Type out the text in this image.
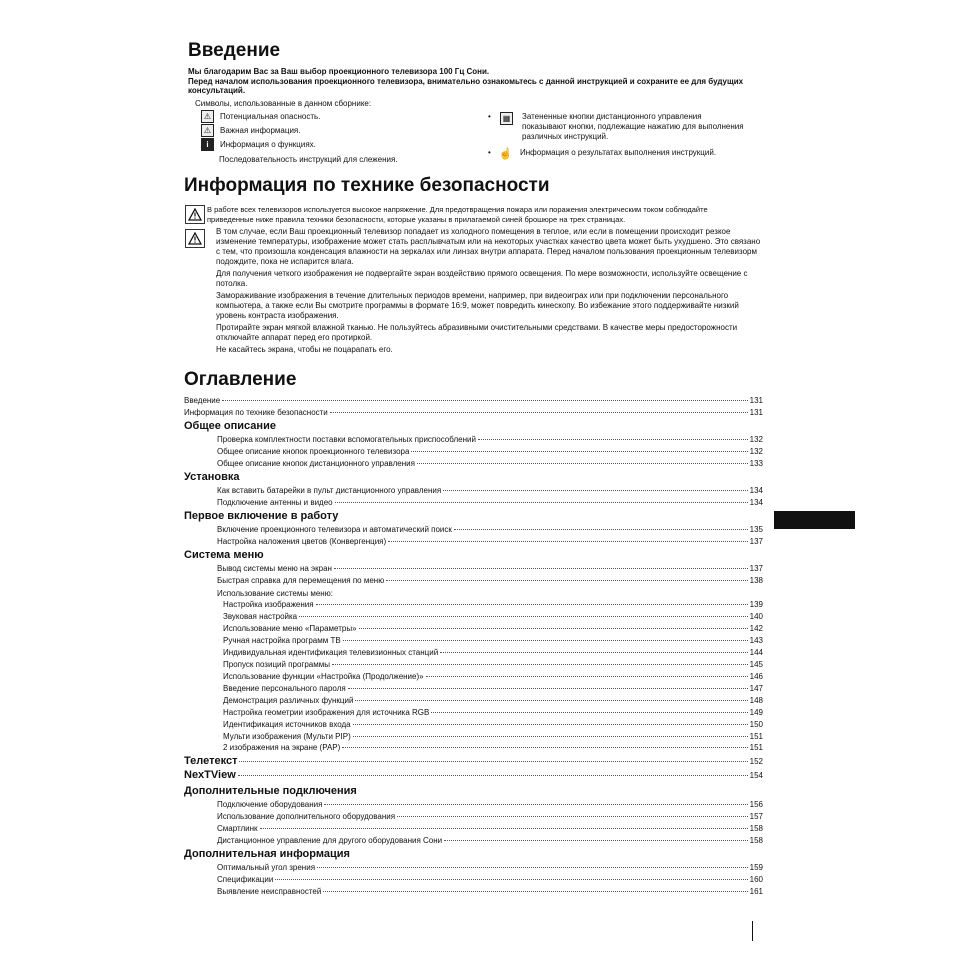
Введение
Мы благодарим Вас за Ваш выбор проекционного телевизора 100 Гц Сони.
Перед началом использования проекционного телевизора, внимательно ознакомьтесь с данной инструкцией и сохраните ее для будущих консультаций.
Символы, использованные в данном сборнике:
⚠	Потенциальная опасность.
⚠	Важная информация.
i	Информация о функциях.
Последовательность инструкций для слежения.
•	▦	Затененные кнопки дистанционного управления показывают кнопки, подлежащие нажатию для выполнения различных инструкций.
• ☝ Информация о результатах выполнения инструкций.
Информация по технике безопасности
В работе всех телевизоров используется высокое напряжение. Для предотвращения пожара или поражения электрическим током соблюдайте приведенные ниже правила техники безопасности, которые указаны в прилагаемой синей брошюре на трех страницах.
В том случае, если Ваш проекционный телевизор попадает из холодного помещения в теплое, или если в помещении происходит резкое изменение температуры, изображение может стать расплывчатым или на некоторых участках качество цвета может быть ухудшено. Это связано с тем, что произошла конденсация влажности на зеркалах или линзах внутри аппарата. Перед началом пользования проекционным телевизорм подождите, пока не испарится влага.
Для получения четкого изображения не подвергайте экран воздействию прямого освещения. По мере возможности, используйте освещение с потолка.
Замораживание изображения в течение длительных периодов времени, например, при видеоиграх или при подключении персонального компьютера, а также если Вы смотрите программы в формате 16:9, может повредить кинескопу. Во избежание этого поддерживайте низкий уровень контраста изображения.
Протирайте экран мягкой влажной тканью. Не пользуйтесь абразивными очистительными средствами. В качестве меры предосторожности отключайте аппарат перед его протиркой.
Не касайтесь экрана, чтобы не поцарапать его.
Оглавление
Введение	131
Информация по технике безопасности	131
Общее описание
Проверка комплектности поставки вспомогательных приспособлений	132
Общее описание кнопок проекционного телевизора	132
Общее описание кнопок дистанционного управления	133
Установка
Как вставить батарейки в пульт дистанционного управления	134
Подключение антенны и видео	134
Первое включение в работу
Включение проекционного телевизора и автоматический поиск	135
Настройка наложения цветов (Конвергенция)	137
Система меню
Вывод системы меню на экран	137
Быстрая справка для перемещения по меню	138
Использование системы меню:
Настройка изображения	139
Звуковая настройка	140
Использование меню «Параметры»	142
Ручная настройка программ ТВ	143
Индивидуальная идентификация телевизионных станций	144
Пропуск позиций программы	145
Использование функции «Настройка (Продолжение)»	146
Введение персонального пароля	147
Демонстрация различных функций	148
Настройка геометрии изображения для источника RGB	149
Идентификация источников входа	150
Мульти изображения (Мульти PIP)	151
2 изображения на экране (PAP)	151
Телетекст	152
NexTView	154
Дополнительные подключения
Подключение оборудования	156
Использование дополнительного оборудования	157
Смартлинк	158
Дистанционное управление для другого оборудования Сони	158
Дополнительная информация
Оптимальный угол зрения	159
Спецификации	160
Выявление неисправностей	161
